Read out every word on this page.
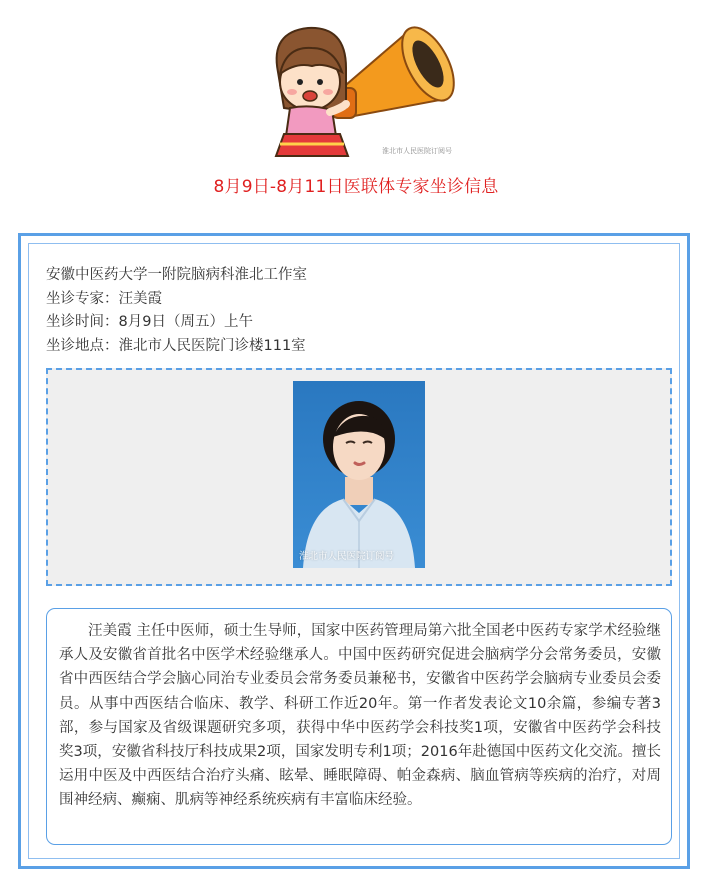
淮北市人民医院订阅号
8月9日-8月11日医联体专家坐诊信息
安徽中医药大学一附院脑病科淮北工作室
坐诊专家：汪美霞
坐诊时间：8月9日（周五）上午
坐诊地点：淮北市人民医院门诊楼111室
淮北市人民医院订阅号

汪美霞 主任中医师，硕士生导师，国家中医药管理局第六批全国老中医药专家学术经验继承人及安徽省首批名中医学术经验继承人。中国中医药研究促进会脑病学分会常务委员，安徽省中西医结合学会脑心同治专业委员会常务委员兼秘书，安徽省中医药学会脑病专业委员会委员。从事中西医结合临床、教学、科研工作近20年。第一作者发表论文10余篇，参编专著3部，参与国家及省级课题研究多项，获得中华中医药学会科技奖1项，安徽省中医药学会科技奖3项，安徽省科技厅科技成果2项，国家发明专利1项；2016年赴德国中医药文化交流。擅长运用中医及中西医结合治疗头痛、眩晕、睡眠障碍、帕金森病、脑血管病等疾病的治疗，对周围神经病、癫痫、肌病等神经系统疾病有丰富临床经验。
